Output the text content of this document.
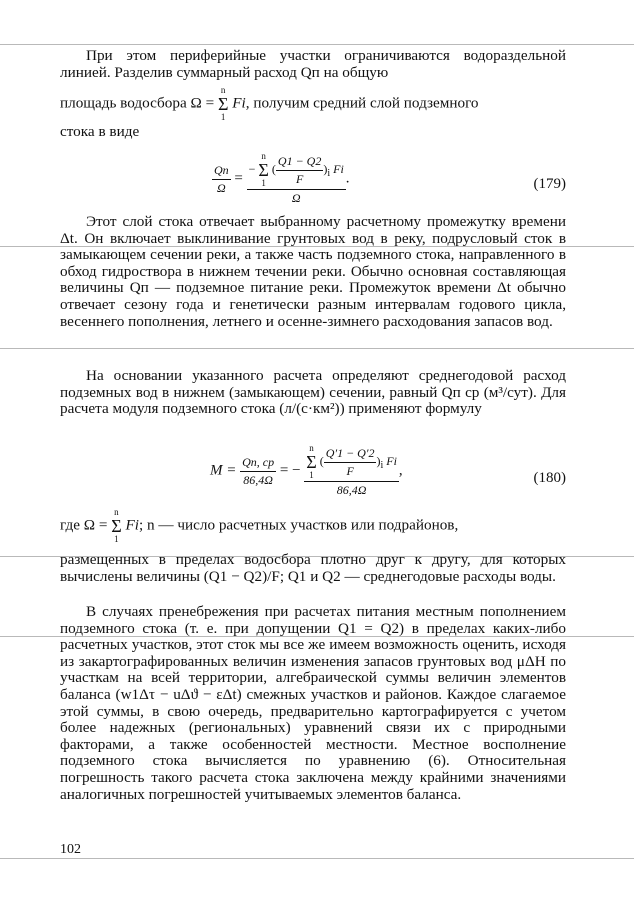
При этом периферийные участки ограничиваются водораздельной линией. Разделив суммарный расход Qп на общую
площадь водосбора Ω = n
Σ
1 Fi, получим средний слой подземного
стока в виде
$\frac{Qп}{\Omega}$ =
− n
Σ
1 ( $\frac{Q1 - Q2}{F} )_i$ Fi
Ω
.	(179)
Этот слой стока отвечает выбранному расчетному промежутку времени Δt. Он включает выклинивание грунтовых вод в реку, подрусловый сток в замыкающем сечении реки, а также часть подземного стока, направленного в обход гидростворa в нижнем течении реки. Обычно основная составляющая величины Qп — подземное питание реки. Промежуток времени Δt обычно отвечает сезону года и генетически разным интервалам годового цикла, весеннего пополнения, летнего и осенне-зимнего расходования запасов вод.
На основании указанного расчета определяют среднегодовой расход подземных вод в нижнем (замыкающем) сечении, равный Qп ср (м³/сут). Для расчета модуля подземного стока (л/(с·км²)) применяют формулу
$M = \frac{Qп, ср}{86,4\Omega}$ = −
n
Σ
1 ( $\frac{Q'1 - Q'2}{F} )_i$ Fi
86,4Ω
,	(180)
где Ω = n
Σ
1 Fi; n — число расчетных участков или подрайонов,
размещенных в пределах водосбора плотно друг к другу, для которых вычислены величины (Q1 − Q2)/F; Q1 и Q2 — среднегодовые расходы воды.
В случаях пренебрежения при расчетах питания местным пополнением подземного стока (т. е. при допущении Q1 = Q2) в пределах каких-либо расчетных участков, этот сток мы все же имеем возможность оценить, исходя из закартографированных величин изменения запасов грунтовых вод μΔH по участкам на всей территории, алгебраической суммы величин элементов баланса (w1Δτ − uΔϑ − εΔt) смежных участков и районов. Каждое слагаемое этой суммы, в свою очередь, предварительно картографируется с учетом более надежных (региональных) уравнений связи их с природными факторами, а также особенностей местности. Местное восполнение подземного стока вычисляется по уравнению (6). Относительная погрешность такого расчета стока заключена между крайними значениями аналогичных погрешностей учитываемых элементов баланса.
102
